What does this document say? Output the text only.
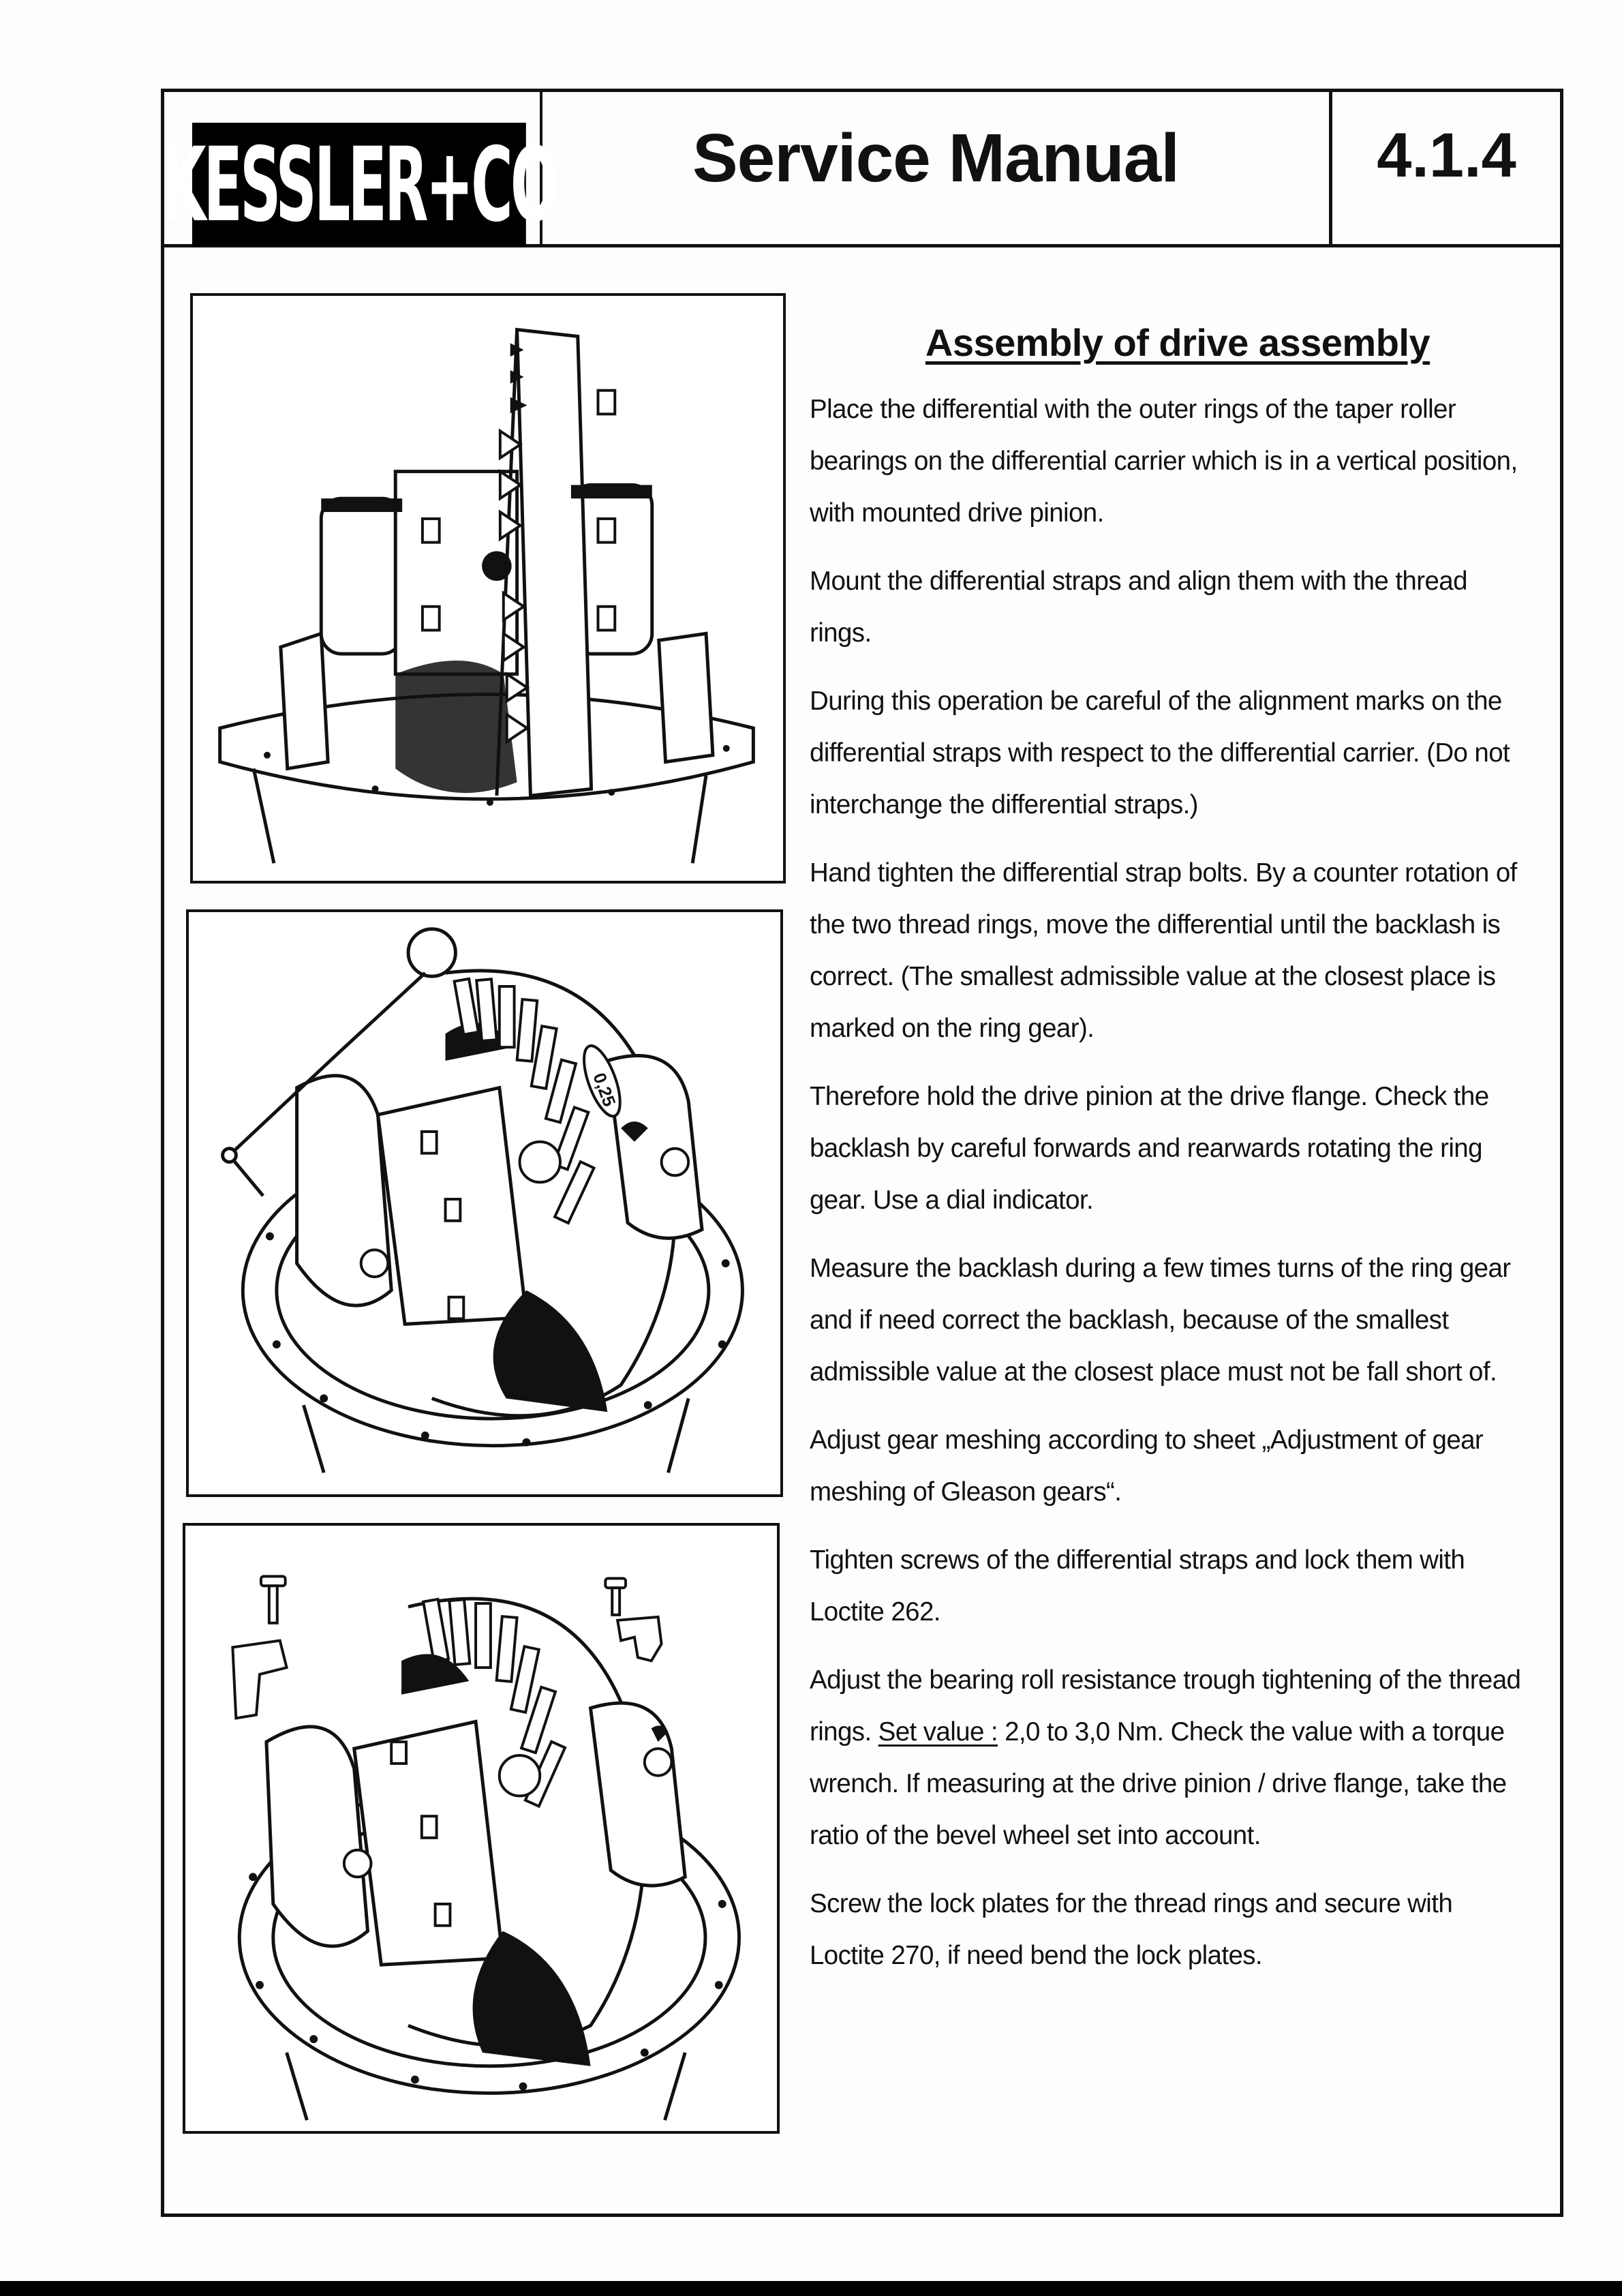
KESSLER+CO Service Manual	4.1.4
0,25
Assembly of drive assembly

Place the differential with the outer rings of the taper roller bearings on the differential carrier which is in a vertical position, with mounted drive pinion.

Mount the differential straps and align them with the thread rings.

During this operation be careful of the alignment marks on the differential straps with respect to the differential carrier. (Do not interchange the differential straps.)

Hand tighten the differential strap bolts. By a counter rotation of the two thread rings, move the differential until the backlash is correct. (The smallest admissible value at the closest place is marked on the ring gear).

Therefore hold the drive pinion at the drive flange. Check the backlash by careful forwards and rearwards rotating the ring gear. Use a dial indicator.

Measure the backlash during a few times turns of the ring gear and if need correct the backlash, because of the smallest admissible value at the closest place must not be fall short of.

Adjust gear meshing according to sheet „Adjustment of gear meshing of Gleason gears“.

Tighten screws of the differential straps and lock them with Loctite 262.

Adjust the bearing roll resistance trough tightening of the thread rings. Set value : 2,0 to 3,0 Nm. Check the value with a torque wrench. If measuring at the drive pinion / drive flange, take the ratio of the bevel wheel set into account.

Screw the lock plates for the thread rings and secure with Loctite 270, if need bend the lock plates.
